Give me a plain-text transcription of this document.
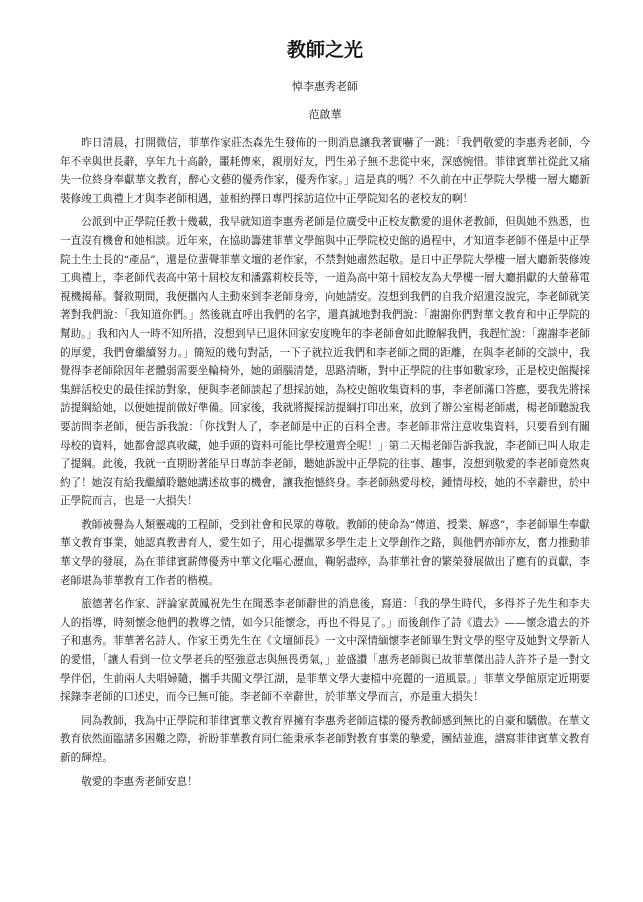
教師之光
悼李惠秀老師
范啟華

昨日清晨，打開微信，菲華作家莊杰森先生發佈的一則消息讓我著實嚇了一跳：「我們敬愛的李惠秀老師，今年不幸與世長辭，享年九十高齡，噩耗傳來，親朋好友，門生弟子無不悲從中來，深感惋惜。菲律賓華社從此又痛失一位終身奉獻華文教育，醉心文藝的優秀作家，優秀作家。」這是真的嗎？不久前在中正學院大學樓一層大廳新裝修竣工典禮上才與李老師相遇，並相約擇日專門採訪這位中正學院知名的老校友的啊！

公派到中正學院任教十幾載，我早就知道李惠秀老師是位廣受中正校友歡愛的退休老教師，但與她不熟悉，也一直沒有機會和她相談。近年來，在協助籌建菲華文學館與中正學院校史館的過程中，才知道李老師不僅是中正學院土生土長的“產品”，還是位蜚聲菲華文壇的老作家，不禁對她肅然起敬。是日中正學院大學樓一層大廳新裝修竣工典禮上，李老師代表高中第十屆校友和潘露莉校長等，一道為高中第十屆校友為大學樓一層大廳捐獻的大螢幕電視機揭幕。餐敘期間，我便攜內人主動來到李老師身旁，向她請安。沒想到我們的自我介紹還沒說完，李老師就笑著對我們說：「我知道你們。」然後就直呼出我們的名字，還真誠地對我們說：「謝謝你們對華文教育和中正學院的幫助。」我和內人一時不知所措，沒想到早已退休回家安度晚年的李老師會如此瞭解我們，我趕忙說：「謝謝李老師的厚愛，我們會繼續努力。」簡短的幾句對話，一下子就拉近我們和李老師之間的距離，在與李老師的交談中，我覺得李老師除因年老體弱需要坐輪椅外，她的頭腦清楚，思路清晰，對中正學院的往事如數家珍，正是校史館擬採集鮮活校史的最佳採訪對象，便與李老師談起了想採訪她，為校史館收集資料的事，李老師滿口答應，要我先將採訪提綱給她，以便她提前做好準備。回家後，我就將擬採訪提綱打印出來，放到了辦公室楊老師處，楊老師聽說我要訪問李老師，便告訴我說：「你找對人了，李老師是中正的百科全書。李老師非常注意收集資料，只要看到有關母校的資料，她都會認真收藏，她手頭的資料可能比學校還齊全呢！」第二天楊老師告訴我說，李老師已叫人取走了提綱。此後，我就一直期盼著能早日專訪李老師，聽她訴說中正學院的往事、趣事，沒想到敬愛的李老師竟然爽約了！她沒有給我繼續聆聽她講述故事的機會，讓我抱憾終身。李老師熱愛母校，鍾情母校，她的不幸辭世，於中正學院而言，也是一大損失！

教師被譽為人類靈魂的工程師，受到社會和民眾的尊敬。教師的使命為“傳道、授業、解惑”，李老師畢生奉獻華文教育事業，她認真教書育人，愛生如子，用心提攜眾多學生走上文學創作之路，與他們亦師亦友，奮力推動菲華文學的發展，為在菲律賓薪傳優秀中華文化嘔心瀝血，鞠躬盡瘁，為菲華社會的繁榮發展做出了應有的貢獻，李老師堪為菲華教育工作者的楷模。

旅德著名作家、評論家黃鳳祝先生在聞悉李老師辭世的消息後，寫道：「我的學生時代，多得芥子先生和李夫人的指導，時刻懷念他們的教導之情，如今只能懷念，再也不得見了。」而後創作了詩《遺去》——懷念遺去的芥子和惠秀。菲華著名詩人、作家王勇先生在《文壇師長》一文中深情緬懷李老師畢生對文學的堅守及她對文學新人的愛惜，「讓人看到一位文學老兵的堅強意志與無畏勇氣，」並盛讚「惠秀老師與已故菲華傑出詩人許芥子是一對文學伴侶，生前兩人夫唱婦隨，攜手共闖文學江湖，是菲華文學大妻檔中亮麗的一道風景。」菲華文學館原定近期要採錄李老師的口述史，而今已無可能。李老師不幸辭世，於菲華文學而言，亦是重大損失！

同為教師，我為中正學院和菲律賓華文教育界擁有李惠秀老師這樣的優秀教師感到無比的自豪和驕傲。在華文教育依然面臨諸多困難之際，祈盼菲華教育同仁能秉承李老師對教育事業的摯愛，團結並進，譜寫菲律賓華文教育新的輝煌。

敬愛的李惠秀老師安息！
